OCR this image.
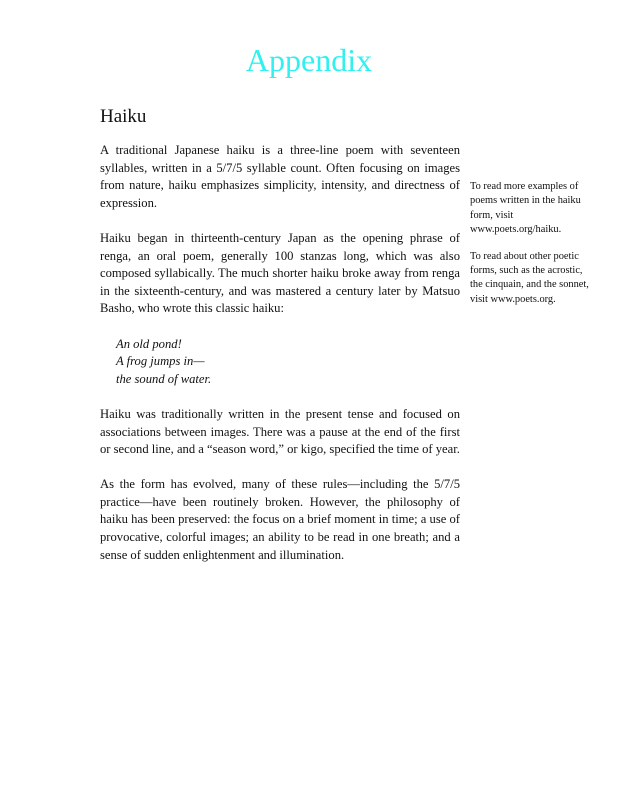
Appendix
Haiku

A traditional Japanese haiku is a three-line poem with seventeen syllables, written in a 5/7/5 syllable count. Often focusing on images from nature, haiku emphasizes simplicity, intensity, and directness of expression.

Haiku began in thirteenth-century Japan as the opening phrase of renga, an oral poem, generally 100 stanzas long, which was also composed syllabically. The much shorter haiku broke away from renga in the sixteenth-century, and was mastered a century later by Matsuo Basho, who wrote this classic haiku:

An old pond!
A frog jumps in—
the sound of water.

Haiku was traditionally written in the present tense and focused on associations between images. There was a pause at the end of the first or second line, and a “season word,” or kigo, specified the time of year.

As the form has evolved, many of these rules—including the 5/7/5 practice—have been routinely broken. However, the philosophy of haiku has been preserved: the focus on a brief moment in time; a use of provocative, colorful images; an ability to be read in one breath; and a sense of sudden enlightenment and illumination.

To read more examples of poems written in the haiku form, visit www.poets.org/haiku.

To read about other poetic forms, such as the acrostic, the cinquain, and the sonnet, visit www.poets.org.
